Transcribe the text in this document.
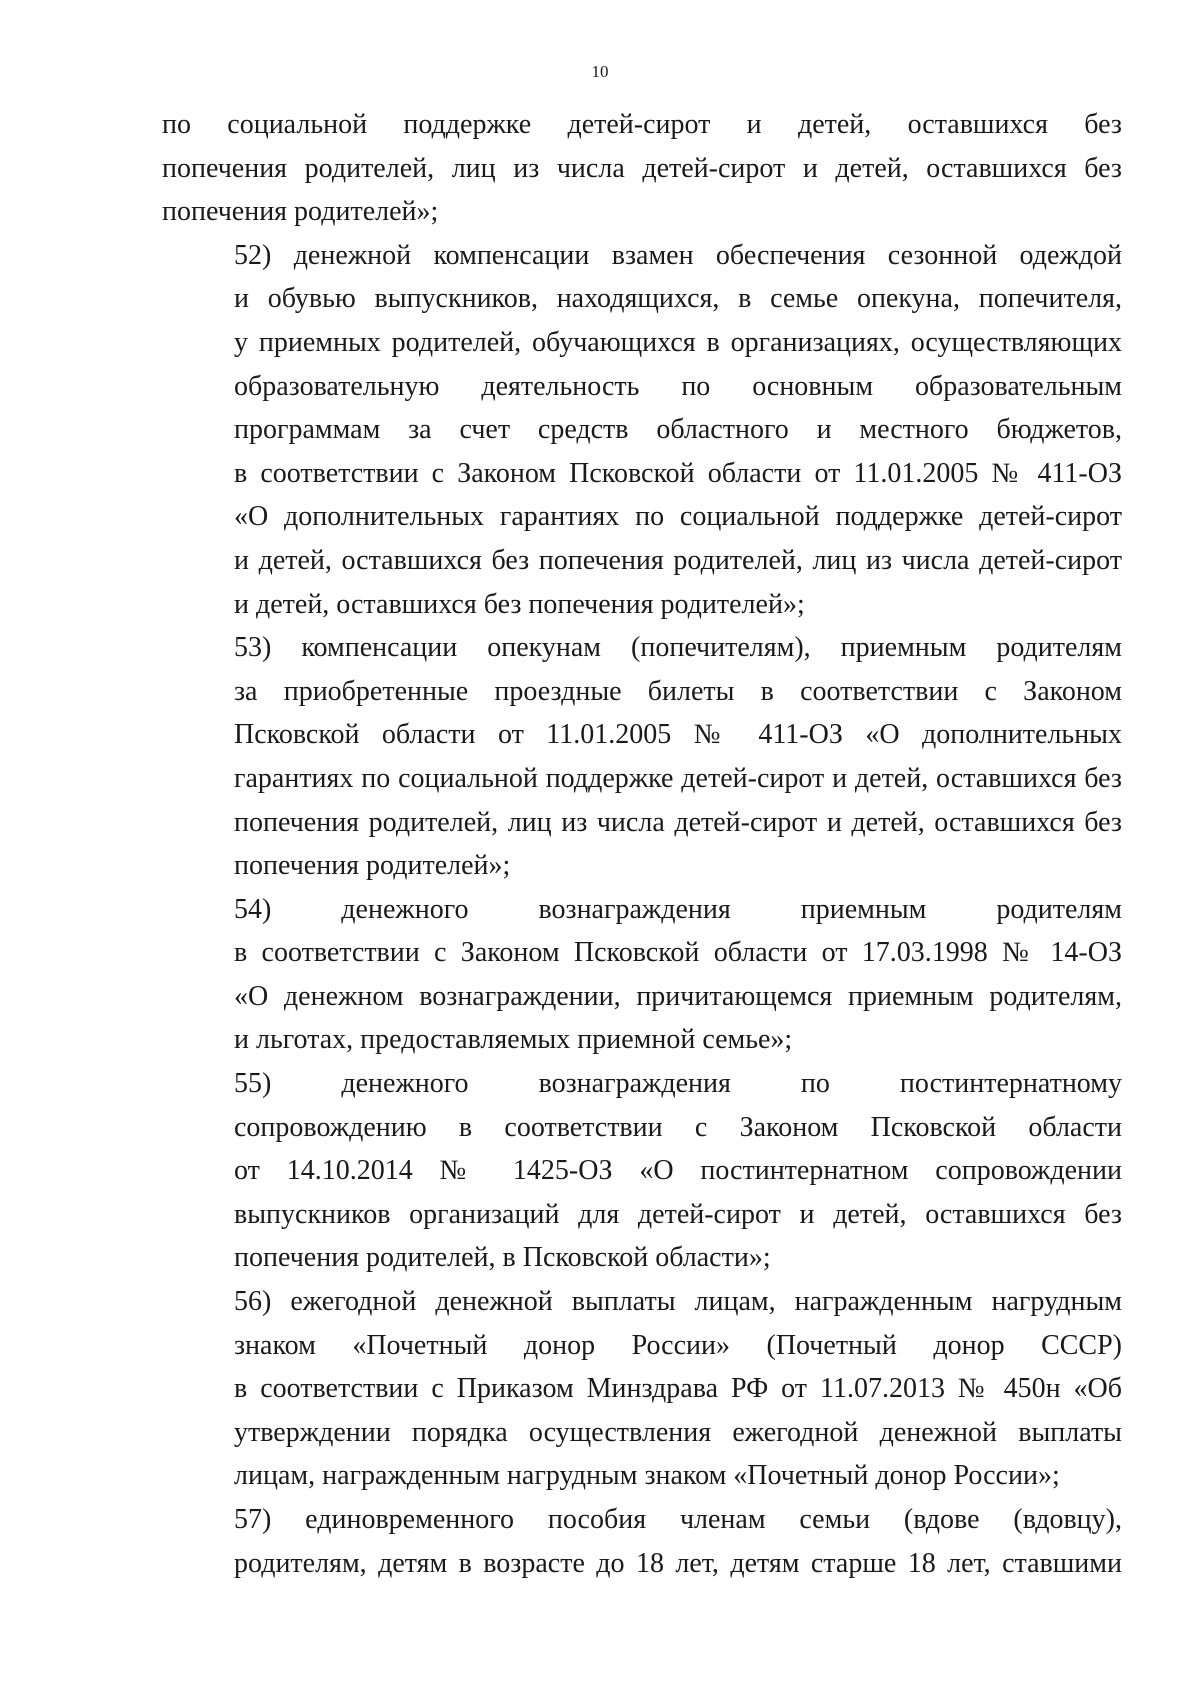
10
по социальной поддержке детей-сирот и детей, оставшихся без
попечения родителей, лиц из числа детей-сирот и детей, оставшихся без
попечения родителей»;
52) денежной компенсации взамен обеспечения сезонной одеждой
и обувью выпускников, находящихся, в семье опекуна, попечителя,
у приемных родителей, обучающихся в организациях, осуществляющих
образовательную деятельность по основным образовательным
программам за счет средств областного и местного бюджетов,
в соответствии с Законом Псковской области от 11.01.2005 № 411-ОЗ
«О дополнительных гарантиях по социальной поддержке детей-сирот
и детей, оставшихся без попечения родителей, лиц из числа детей-сирот
и детей, оставшихся без попечения родителей»;
53) компенсации опекунам (попечителям), приемным родителям
за приобретенные проездные билеты в соответствии с Законом
Псковской области от 11.01.2005 № 411-ОЗ «О дополнительных
гарантиях по социальной поддержке детей-сирот и детей, оставшихся без
попечения родителей, лиц из числа детей-сирот и детей, оставшихся без
попечения родителей»;
54) денежного вознаграждения приемным родителям
в соответствии с Законом Псковской области от 17.03.1998 № 14-ОЗ
«О денежном вознаграждении, причитающемся приемным родителям,
и льготах, предоставляемых приемной семье»;
55) денежного вознаграждения по постинтернатному
сопровождению в соответствии с Законом Псковской области
от 14.10.2014 № 1425-ОЗ «О постинтернатном сопровождении
выпускников организаций для детей-сирот и детей, оставшихся без
попечения родителей, в Псковской области»;
56) ежегодной денежной выплаты лицам, награжденным нагрудным
знаком «Почетный донор России» (Почетный донор СССР)
в соответствии с Приказом Минздрава РФ от 11.07.2013 № 450н «Об
утверждении порядка осуществления ежегодной денежной выплаты
лицам, награжденным нагрудным знаком «Почетный донор России»;
57) единовременного пособия членам семьи (вдове (вдовцу),
родителям, детям в возрасте до 18 лет, детям старше 18 лет, ставшими
